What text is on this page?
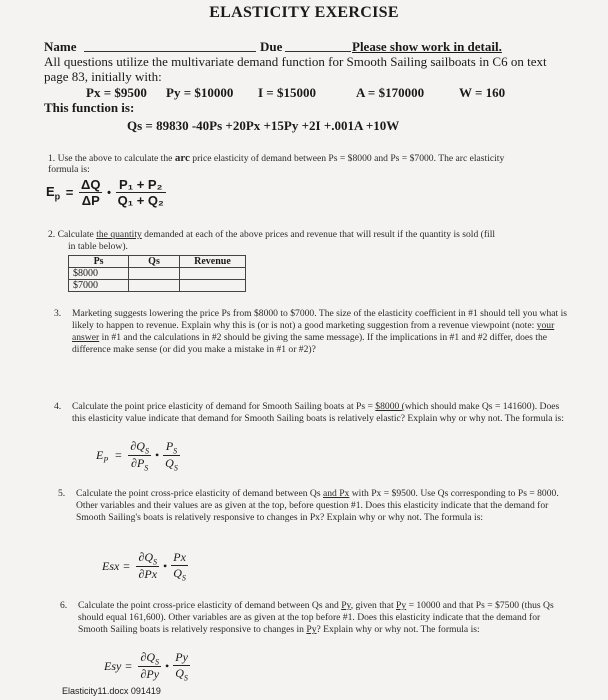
ELASTICITY EXERCISE
Name	Due	Please show work in detail.
All questions utilize the multivariate demand function for Smooth Sailing sailboats in C6 on text
page 83, initially with:
Px = $9500 Py = $10000 I = $15000	A = $170000	W = 160
This function is:
Qs = 89830 -40Ps +20Px +15Py +2I +.001A +10W
1. Use the above to calculate the arc price elasticity of demand between Ps = $8000 and Ps = $7000. The arc elasticity
formula is:
$E_p = \frac{\Delta Q}{\Delta P}$ • $\frac{\text{P₁ + P₂}}{\text{Q₁ + Q₂}}$
2. Calculate the quantity demanded at each of the above prices and revenue that will result if the quantity is sold (fill
in table below).
Ps	Qs	Revenue
$8000		
$7000		
3. Marketing suggests lowering the price Ps from $8000 to $7000. The size of the elasticity coefficient in #1 should tell you what is likely to happen to revenue. Explain why this is (or is not) a good marketing suggestion from a revenue viewpoint (note: your answer in #1 and the calculations in #2 should be giving the same message). If the implications in #1 and #2 differ, does the difference make sense (or did you make a mistake in #1 or #2)?
4. Calculate the point price elasticity of demand for Smooth Sailing boats at Ps = $8000 (which should make Qs = 141600). Does this elasticity value indicate that demand for Smooth Sailing boats is relatively elastic? Explain why or why not. The formula is:
$E_P = \frac{\partial Q_S}{\partial P_S}$ • $\frac{P_S}{Q_S}$
5. Calculate the point cross-price elasticity of demand between Qs and Px with Px = $9500. Use Qs corresponding to Ps = 8000. Other variables and their values are as given at the top, before question #1. Does this elasticity indicate that the demand for Smooth Sailing's boats is relatively responsive to changes in Px? Explain why or why not. The formula is:
Esx = $\frac{\partial Q_S}{\partial Px}$ • $\frac{Px}{Q_S}$
6. Calculate the point cross-price elasticity of demand between Qs and Py, given that Py = 10000 and that Ps = $7500 (thus Qs should equal 161,600). Other variables are as given at the top before #1. Does this elasticity indicate that the demand for Smooth Sailing boats is relatively responsive to changes in Py? Explain why or why not. The formula is:
Esy = $\frac{\partial Q_S}{\partial Py}$ • $\frac{Py}{Q_S}$
Elasticity11.docx 091419
